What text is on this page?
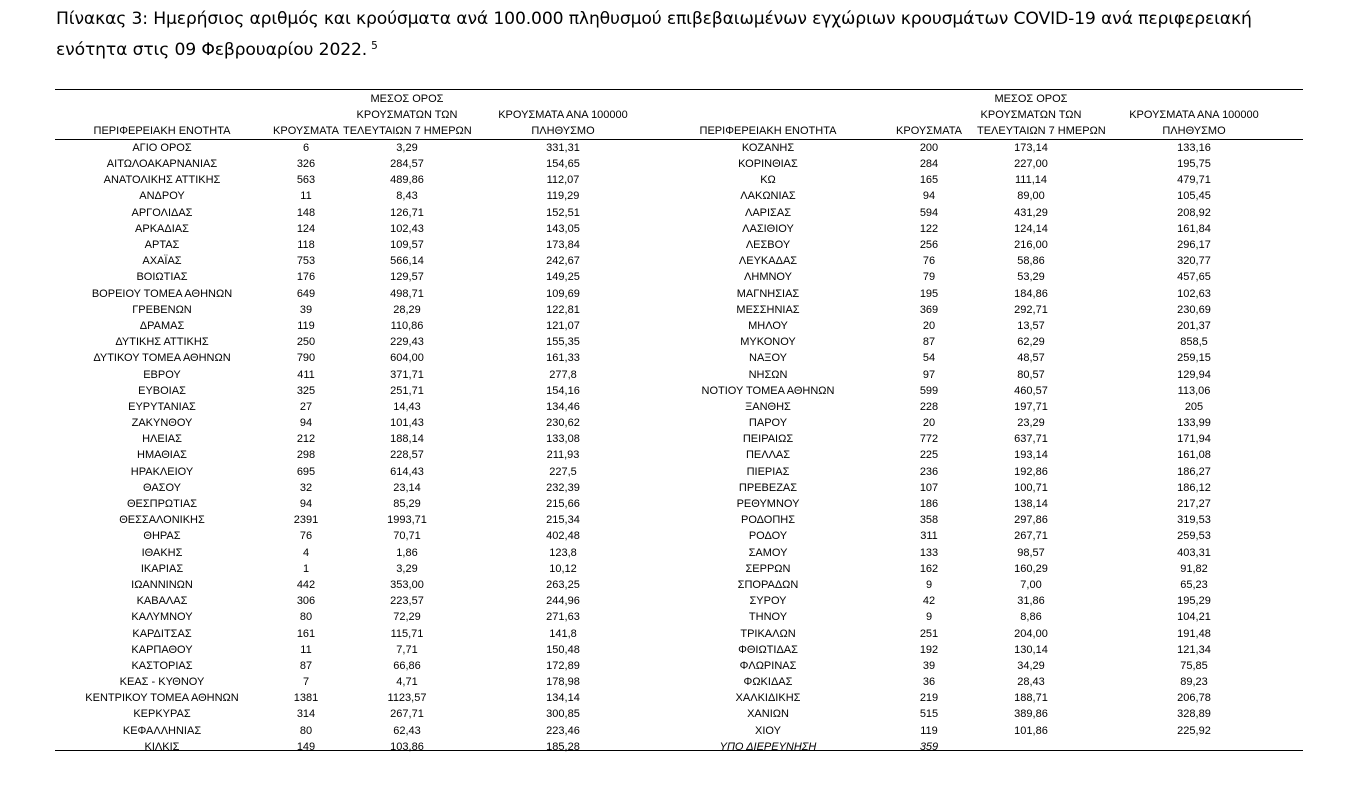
Πίνακας 3: Ημερήσιος αριθμός και κρούσματα ανά 100.000 πληθυσμού επιβεβαιωμένων εγχώριων κρουσμάτων COVID-19 ανά περιφερειακή ενότητα στις 09 Φεβρουαρίου 2022. $^5$
ΠΕΡΙΦΕΡΕΙΑΚΗ ΕΝΟΤΗΤΑ	ΚΡΟΥΣΜΑΤΑ	ΜΕΣΟΣ ΟΡΟΣ
ΚΡΟΥΣΜΑΤΩΝ ΤΩΝ
ΤΕΛΕΥΤΑΙΩΝ 7 ΗΜΕΡΩΝ	ΚΡΟΥΣΜΑΤΑ ΑΝΑ 100000
ΠΛΗΘΥΣΜΟ	ΠΕΡΙΦΕΡΕΙΑΚΗ ΕΝΟΤΗΤΑ	ΚΡΟΥΣΜΑΤΑ	ΜΕΣΟΣ ΟΡΟΣ
ΚΡΟΥΣΜΑΤΩΝ ΤΩΝ
ΤΕΛΕΥΤΑΙΩΝ 7 ΗΜΕΡΩΝ	ΚΡΟΥΣΜΑΤΑ ΑΝΑ 100000
ΠΛΗΘΥΣΜΟ
ΑΓΙΟ ΟΡΟΣ	6	3,29	331,31	ΚΟΖΑΝΗΣ	200	173,14	133,16
ΑΙΤΩΛΟΑΚΑΡΝΑΝΙΑΣ	326	284,57	154,65	ΚΟΡΙΝΘΙΑΣ	284	227,00	195,75
ΑΝΑΤΟΛΙΚΗΣ ΑΤΤΙΚΗΣ	563	489,86	112,07	ΚΩ	165	111,14	479,71
ΑΝΔΡΟΥ	11	8,43	119,29	ΛΑΚΩΝΙΑΣ	94	89,00	105,45
ΑΡΓΟΛΙΔΑΣ	148	126,71	152,51	ΛΑΡΙΣΑΣ	594	431,29	208,92
ΑΡΚΑΔΙΑΣ	124	102,43	143,05	ΛΑΣΙΘΙΟΥ	122	124,14	161,84
ΑΡΤΑΣ	118	109,57	173,84	ΛΕΣΒΟΥ	256	216,00	296,17
ΑΧΑΪΑΣ	753	566,14	242,67	ΛΕΥΚΑΔΑΣ	76	58,86	320,77
ΒΟΙΩΤΙΑΣ	176	129,57	149,25	ΛΗΜΝΟΥ	79	53,29	457,65
ΒΟΡΕΙΟΥ ΤΟΜΕΑ ΑΘΗΝΩΝ	649	498,71	109,69	ΜΑΓΝΗΣΙΑΣ	195	184,86	102,63
ΓΡΕΒΕΝΩΝ	39	28,29	122,81	ΜΕΣΣΗΝΙΑΣ	369	292,71	230,69
ΔΡΑΜΑΣ	119	110,86	121,07	ΜΗΛΟΥ	20	13,57	201,37
ΔΥΤΙΚΗΣ ΑΤΤΙΚΗΣ	250	229,43	155,35	ΜΥΚΟΝΟΥ	87	62,29	858,5
ΔΥΤΙΚΟΥ ΤΟΜΕΑ ΑΘΗΝΩΝ	790	604,00	161,33	ΝΑΞΟΥ	54	48,57	259,15
ΕΒΡΟΥ	411	371,71	277,8	ΝΗΣΩΝ	97	80,57	129,94
ΕΥΒΟΙΑΣ	325	251,71	154,16	ΝΟΤΙΟΥ ΤΟΜΕΑ ΑΘΗΝΩΝ	599	460,57	113,06
ΕΥΡΥΤΑΝΙΑΣ	27	14,43	134,46	ΞΑΝΘΗΣ	228	197,71	205
ΖΑΚΥΝΘΟΥ	94	101,43	230,62	ΠΑΡΟΥ	20	23,29	133,99
ΗΛΕΙΑΣ	212	188,14	133,08	ΠΕΙΡΑΙΩΣ	772	637,71	171,94
ΗΜΑΘΙΑΣ	298	228,57	211,93	ΠΕΛΛΑΣ	225	193,14	161,08
ΗΡΑΚΛΕΙΟΥ	695	614,43	227,5	ΠΙΕΡΙΑΣ	236	192,86	186,27
ΘΑΣΟΥ	32	23,14	232,39	ΠΡΕΒΕΖΑΣ	107	100,71	186,12
ΘΕΣΠΡΩΤΙΑΣ	94	85,29	215,66	ΡΕΘΥΜΝΟΥ	186	138,14	217,27
ΘΕΣΣΑΛΟΝΙΚΗΣ	2391	1993,71	215,34	ΡΟΔΟΠΗΣ	358	297,86	319,53
ΘΗΡΑΣ	76	70,71	402,48	ΡΟΔΟΥ	311	267,71	259,53
ΙΘΑΚΗΣ	4	1,86	123,8	ΣΑΜΟΥ	133	98,57	403,31
ΙΚΑΡΙΑΣ	1	3,29	10,12	ΣΕΡΡΩΝ	162	160,29	91,82
ΙΩΑΝΝΙΝΩΝ	442	353,00	263,25	ΣΠΟΡΑΔΩΝ	9	7,00	65,23
ΚΑΒΑΛΑΣ	306	223,57	244,96	ΣΥΡΟΥ	42	31,86	195,29
ΚΑΛΥΜΝΟΥ	80	72,29	271,63	ΤΗΝΟΥ	9	8,86	104,21
ΚΑΡΔΙΤΣΑΣ	161	115,71	141,8	ΤΡΙΚΑΛΩΝ	251	204,00	191,48
ΚΑΡΠΑΘΟΥ	11	7,71	150,48	ΦΘΙΩΤΙΔΑΣ	192	130,14	121,34
ΚΑΣΤΟΡΙΑΣ	87	66,86	172,89	ΦΛΩΡΙΝΑΣ	39	34,29	75,85
ΚΕΑΣ - ΚΥΘΝΟΥ	7	4,71	178,98	ΦΩΚΙΔΑΣ	36	28,43	89,23
ΚΕΝΤΡΙΚΟΥ ΤΟΜΕΑ ΑΘΗΝΩΝ	1381	1123,57	134,14	ΧΑΛΚΙΔΙΚΗΣ	219	188,71	206,78
ΚΕΡΚΥΡΑΣ	314	267,71	300,85	ΧΑΝΙΩΝ	515	389,86	328,89
ΚΕΦΑΛΛΗΝΙΑΣ	80	62,43	223,46	ΧΙΟΥ	119	101,86	225,92
ΚΙΛΚΙΣ	149	103,86	185,28	ΥΠΟ ΔΙΕΡΕΥΝΗΣΗ	359		
